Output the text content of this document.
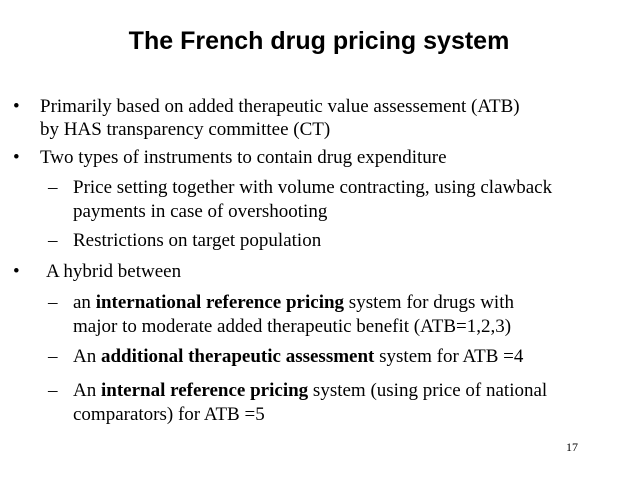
The French drug pricing system
• Primarily based on added therapeutic value assessement (ATB)
by HAS transparency committee (CT)
• Two types of instruments to contain drug expenditure
– Price setting together with volume contracting, using clawback
payments in case of overshooting
– Restrictions on target population
• A hybrid between
– an international reference pricing system for drugs with
major to moderate added therapeutic benefit (ATB=1,2,3)
– An additional therapeutic assessment system for ATB =4
– An internal reference pricing system (using price of national
comparators) for ATB =5
17
